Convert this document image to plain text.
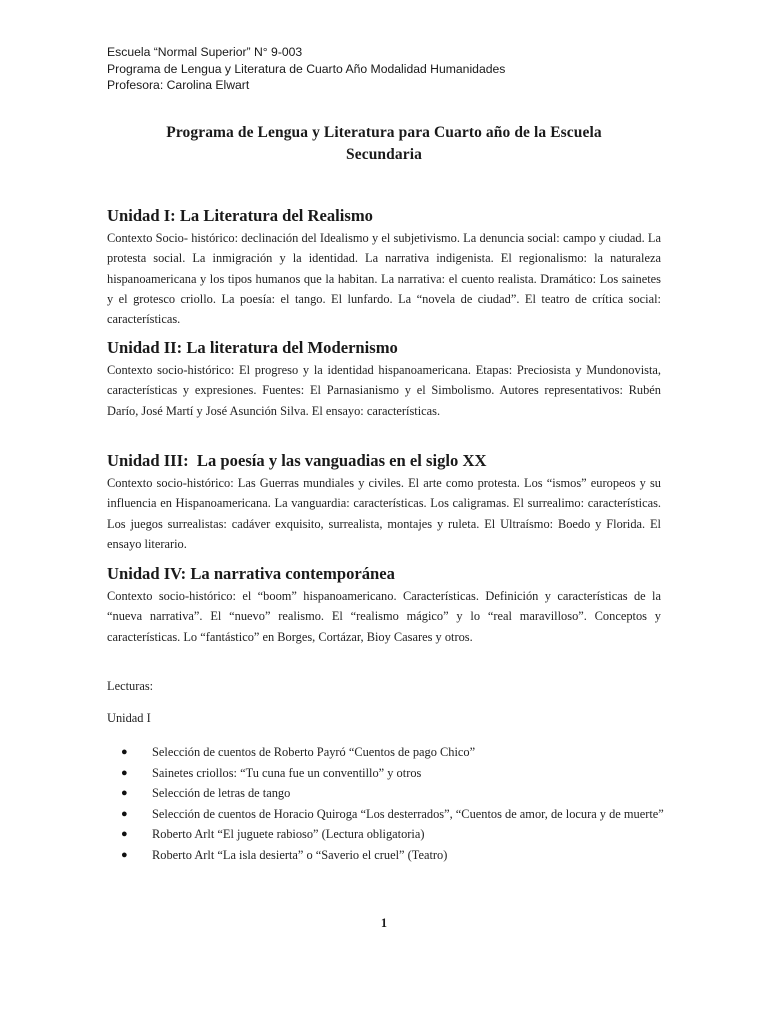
Escuela “Normal Superior” N° 9-003
Programa de Lengua y Literatura de Cuarto Año Modalidad Humanidades
Profesora: Carolina Elwart
Programa de Lengua y Literatura para Cuarto año de la Escuela
Secundaria
Unidad I: La Literatura del Realismo

Contexto Socio- histórico: declinación del Idealismo y el subjetivismo. La denuncia social: campo y ciudad. La protesta social. La inmigración y la identidad. La narrativa indigenista. El regionalismo: la naturaleza hispanoamericana y los tipos humanos que la habitan. La narrativa: el cuento realista. Dramático: Los sainetes y el grotesco criollo. La poesía: el tango. El lunfardo. La “novela de ciudad”. El teatro de crítica social: características.

Unidad II: La literatura del Modernismo

Contexto socio-histórico: El progreso y la identidad hispanoamericana. Etapas: Preciosista y Mundonovista, características y expresiones. Fuentes: El Parnasianismo y el Simbolismo. Autores representativos: Rubén Darío, José Martí y José Asunción Silva. El ensayo: características.

Unidad III:  La poesía y las vanguadias en el siglo XX

Contexto socio-histórico: Las Guerras mundiales y civiles. El arte como protesta. Los “ismos” europeos y su influencia en Hispanoamericana. La vanguardia: características. Los caligramas. El surrealimo: características. Los juegos surrealistas: cadáver exquisito, surrealista, montajes y ruleta. El Ultraísmo: Boedo y Florida. El ensayo literario.

Unidad IV: La narrativa contemporánea

Contexto socio-histórico: el “boom” hispanoamericano. Características. Definición y características de la “nueva narrativa”. El “nuevo” realismo. El “realismo mágico” y lo “real maravilloso”. Conceptos y características. Lo “fantástico” en Borges, Cortázar, Bioy Casares y otros.

Lecturas:
Unidad I
● Selección de cuentos de Roberto Payró “Cuentos de pago Chico”
● Sainetes criollos: “Tu cuna fue un conventillo” y otros
● Selección de letras de tango
● Selección de cuentos de Horacio Quiroga “Los desterrados”, “Cuentos de amor, de locura y de muerte”
● Roberto Arlt “El juguete rabioso” (Lectura obligatoria)
● Roberto Arlt “La isla desierta” o “Saverio el cruel” (Teatro)
1
